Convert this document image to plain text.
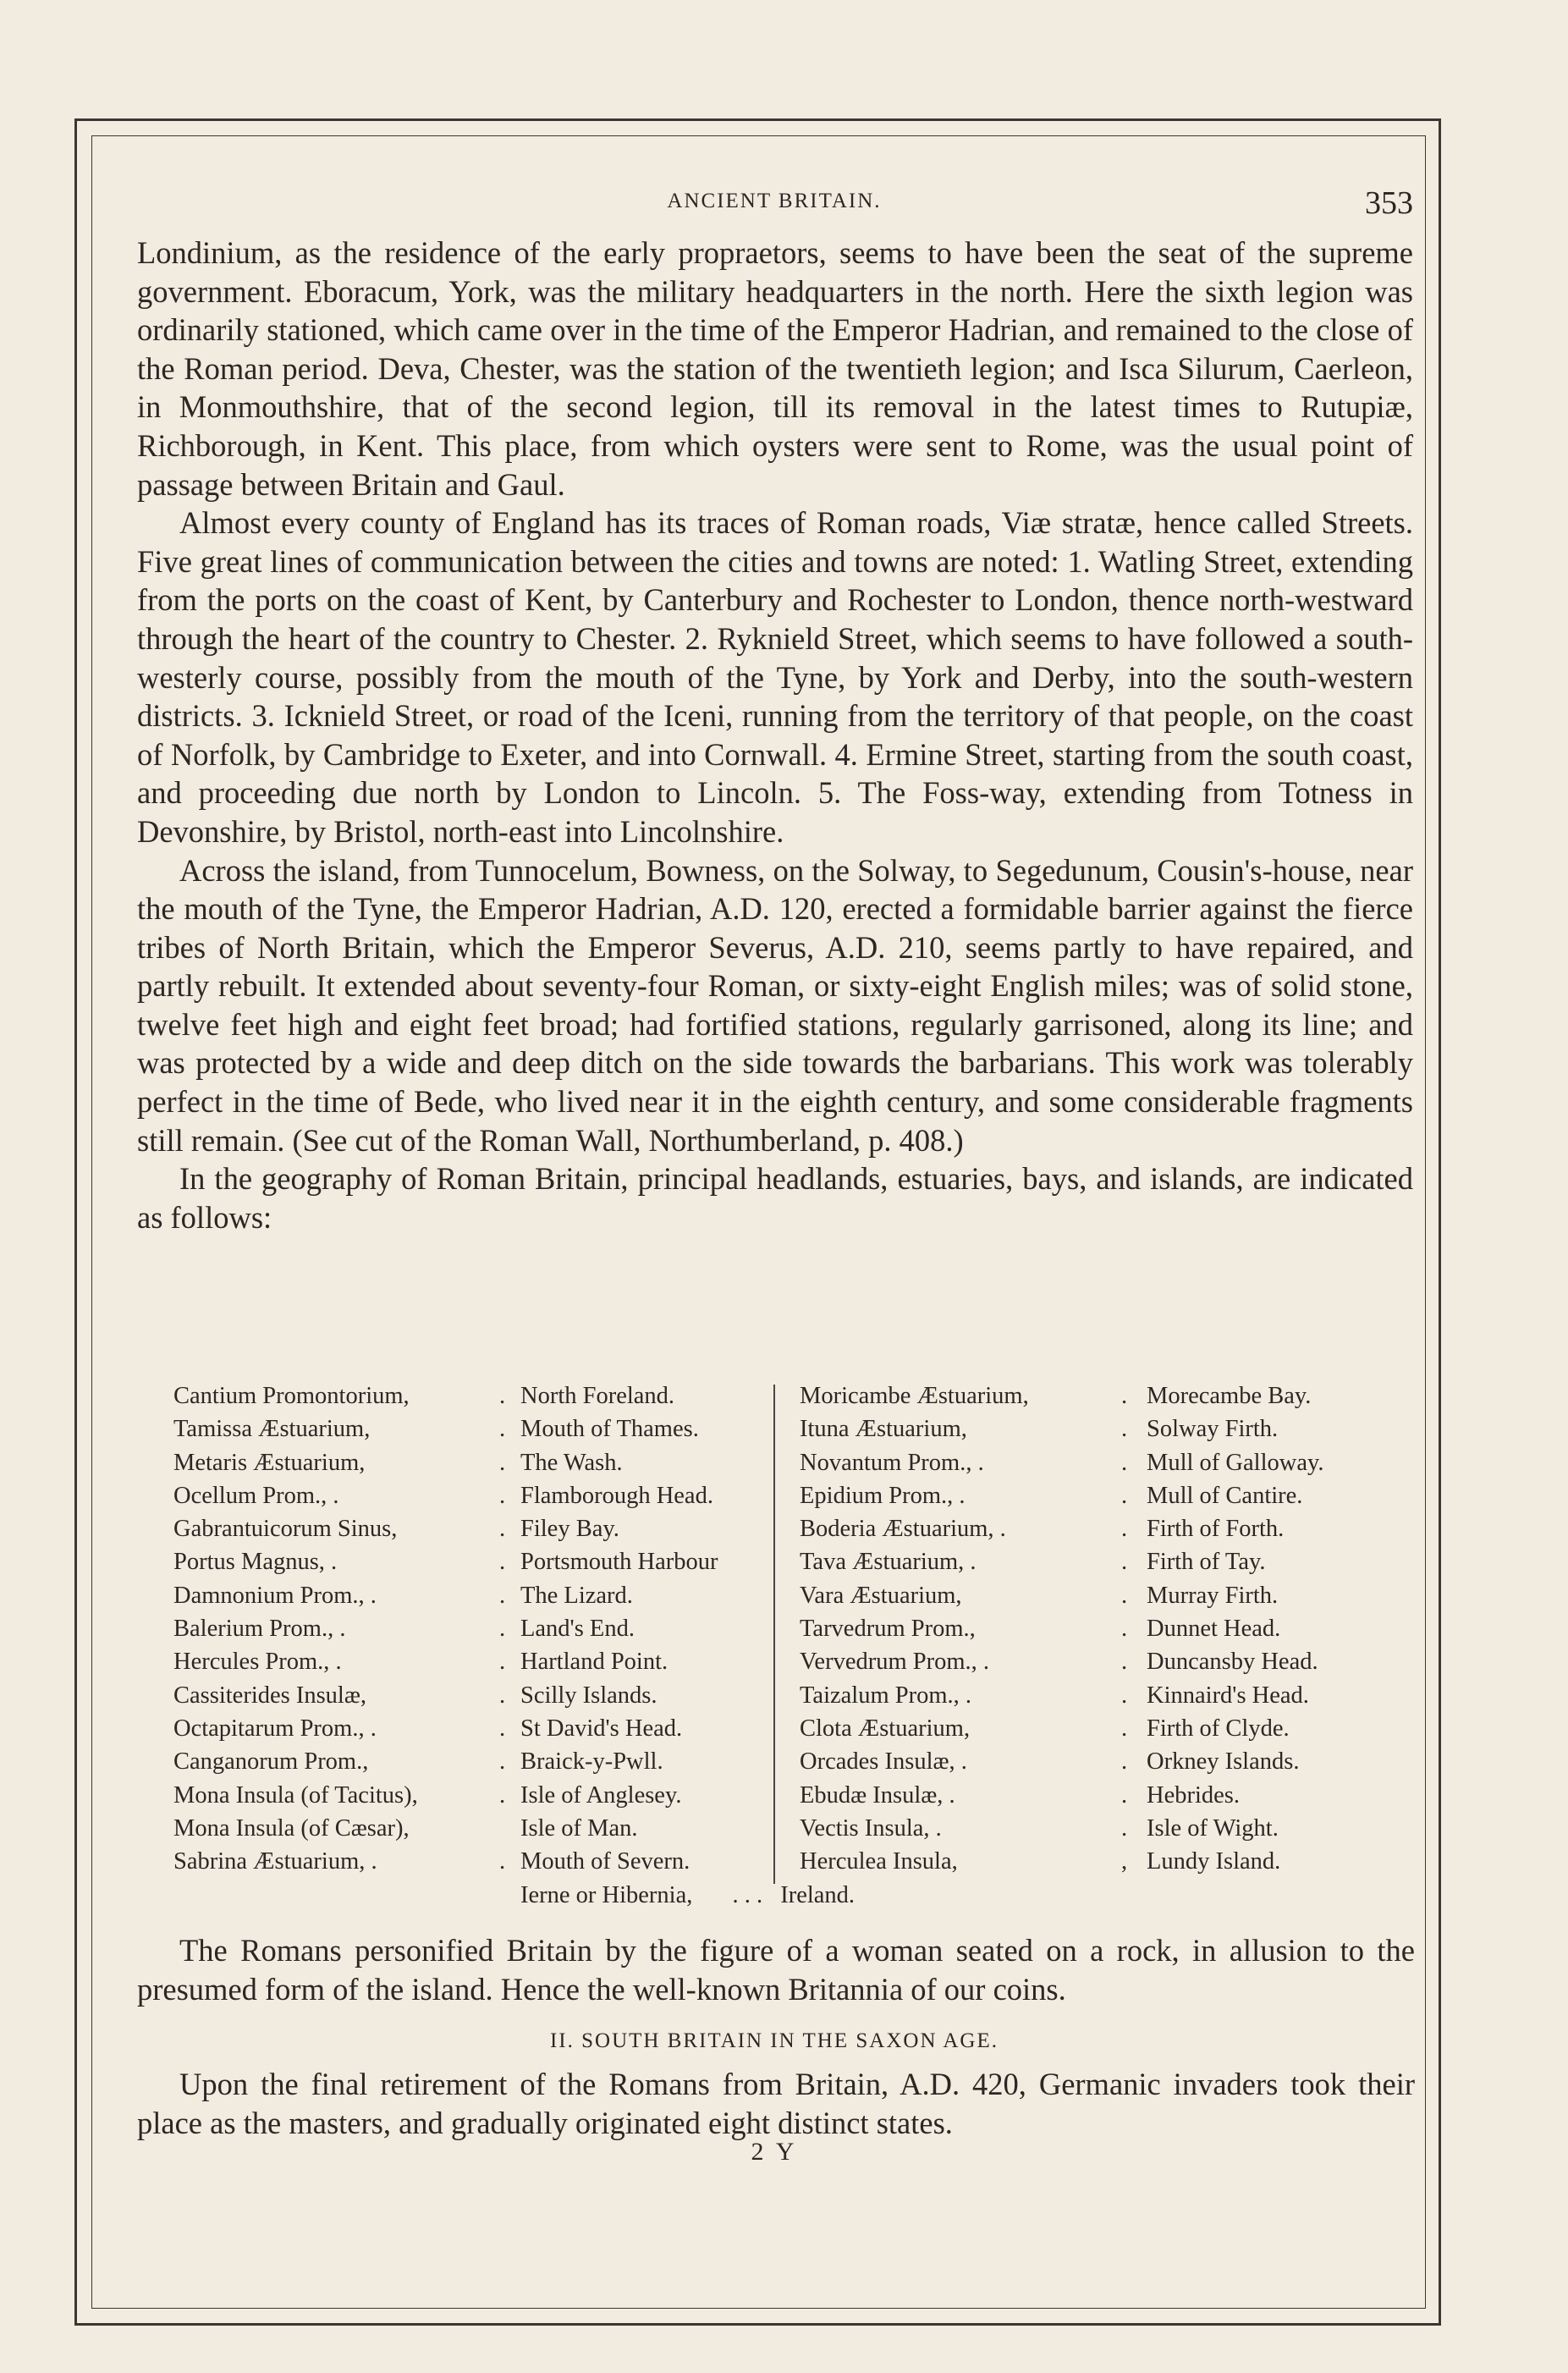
ANCIENT BRITAIN.	353

Londinium, as the residence of the early propraetors, seems to have been the seat of the supreme government. Eboracum, York, was the military headquarters in the north. Here the sixth legion was ordinarily stationed, which came over in the time of the Emperor Hadrian, and remained to the close of the Roman period. Deva, Chester, was the station of the twentieth legion; and Isca Silurum, Caerleon, in Monmouthshire, that of the second legion, till its removal in the latest times to Rutupiæ, Richborough, in Kent. This place, from which oysters were sent to Rome, was the usual point of passage between Britain and Gaul.

Almost every county of England has its traces of Roman roads, Viæ stratæ, hence called Streets. Five great lines of communication between the cities and towns are noted: 1. Watling Street, extending from the ports on the coast of Kent, by Canterbury and Rochester to London, thence north-westward through the heart of the country to Chester. 2. Ryknield Street, which seems to have followed a south-westerly course, possibly from the mouth of the Tyne, by York and Derby, into the south-western districts. 3. Icknield Street, or road of the Iceni, running from the territory of that people, on the coast of Norfolk, by Cambridge to Exeter, and into Cornwall. 4. Ermine Street, starting from the south coast, and proceeding due north by London to Lincoln. 5. The Foss-way, extending from Totness in Devonshire, by Bristol, north-east into Lincolnshire.

Across the island, from Tunnocelum, Bowness, on the Solway, to Segedunum, Cousin's-house, near the mouth of the Tyne, the Emperor Hadrian, A.D. 120, erected a formidable barrier against the fierce tribes of North Britain, which the Emperor Severus, A.D. 210, seems partly to have repaired, and partly rebuilt. It extended about seventy-four Roman, or sixty-eight English miles; was of solid stone, twelve feet high and eight feet broad; had fortified stations, regularly garrisoned, along its line; and was protected by a wide and deep ditch on the side towards the barbarians. This work was tolerably perfect in the time of Bede, who lived near it in the eighth century, and some considerable fragments still remain. (See cut of the Roman Wall, Northumberland, p. 408.)

In the geography of Roman Britain, principal headlands, estuaries, bays, and islands, are indicated as follows:

Cantium Promontorium,	. North Foreland.
Tamissa Æstuarium,	. Mouth of Thames.
Metaris Æstuarium,	. The Wash.
Ocellum Prom., .	. Flamborough Head.
Gabrantuicorum Sinus,	. Filey Bay.
Portus Magnus, .	. Portsmouth Harbour
Damnonium Prom., .	. The Lizard.
Balerium Prom., .	. Land's End.
Hercules Prom., .	. Hartland Point.
Cassiterides Insulæ,	. Scilly Islands.
Octapitarum Prom., .	. St David's Head.
Canganorum Prom.,	. Braick-y-Pwll.
Mona Insula (of Tacitus),	. Isle of Anglesey.
Mona Insula (of Cæsar),	Isle of Man.
Sabrina Æstuarium, .	. Mouth of Severn.
Moricambe Æstuarium,	. Morecambe Bay.
Ituna Æstuarium,	. Solway Firth.
Novantum Prom., .	. Mull of Galloway.
Epidium Prom., .	. Mull of Cantire.
Boderia Æstuarium, .	. Firth of Forth.
Tava Æstuarium, .	. Firth of Tay.
Vara Æstuarium,	. Murray Firth.
Tarvedrum Prom.,	. Dunnet Head.
Vervedrum Prom., .	. Duncansby Head.
Taizalum Prom., .	. Kinnaird's Head.
Clota Æstuarium,	. Firth of Clyde.
Orcades Insulæ, .	. Orkney Islands.
Ebudæ Insulæ, .	. Hebrides.
Vectis Insula, .	. Isle of Wight.
Herculea Insula,	, Lundy Island.
Ierne or Hibernia, . . . Ireland.

The Romans personified Britain by the figure of a woman seated on a rock, in allusion to the presumed form of the island. Hence the well-known Britannia of our coins.

II. SOUTH BRITAIN IN THE SAXON AGE.

Upon the final retirement of the Romans from Britain, A.D. 420, Germanic invaders took their place as the masters, and gradually originated eight distinct states.

2 Y
